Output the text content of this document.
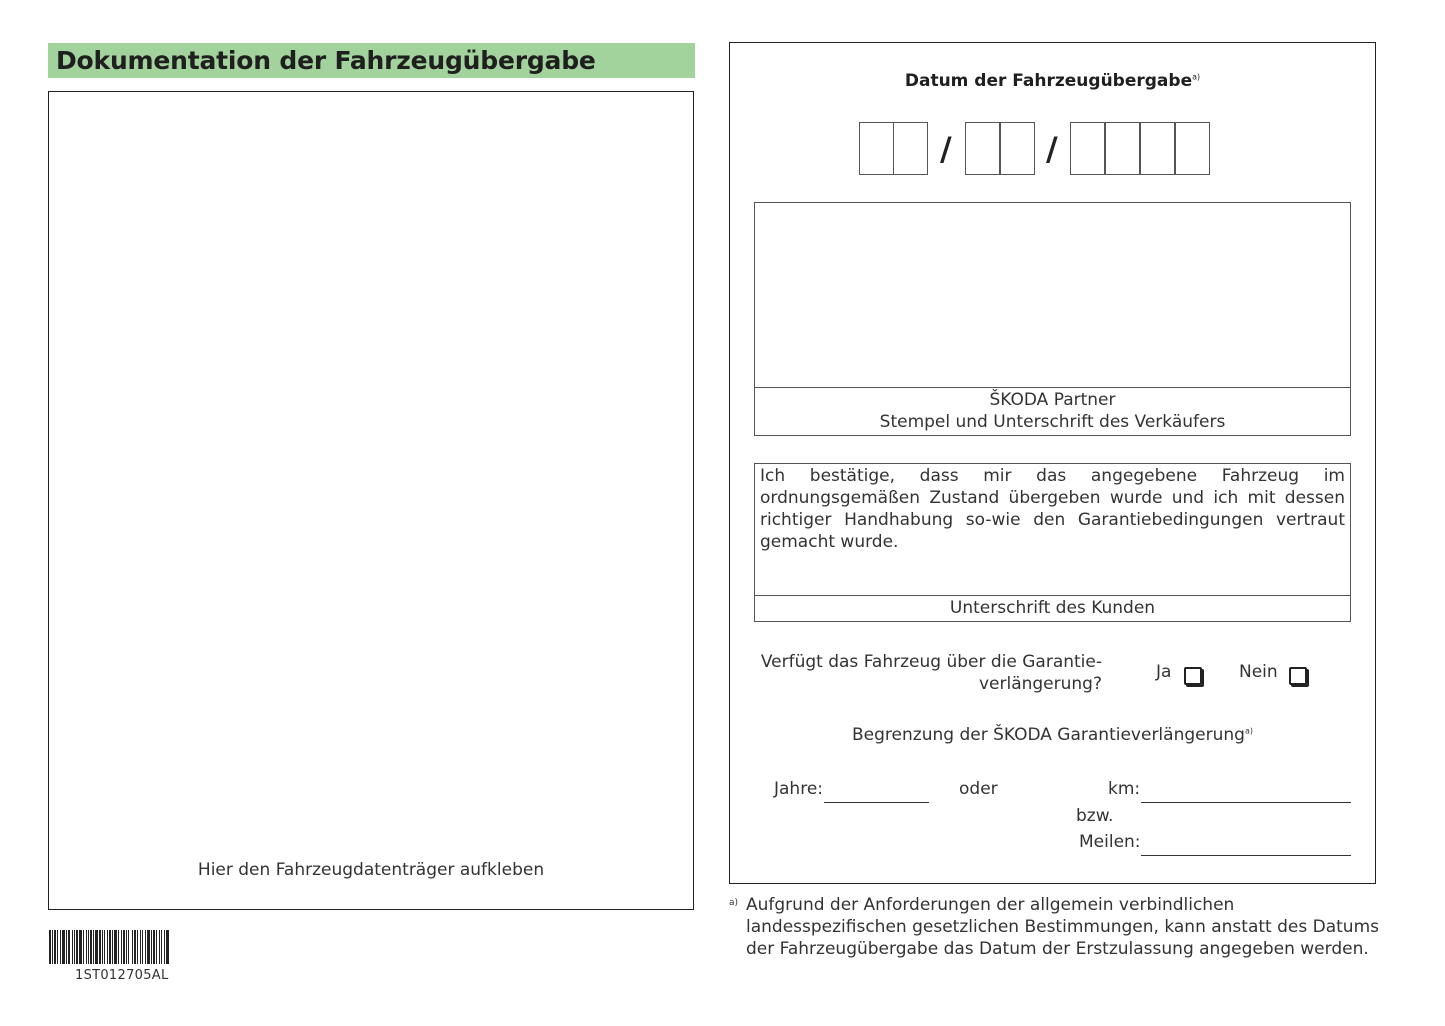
Dokumentation der Fahrzeugübergabe
Hier den Fahrzeugdatenträger aufkleben
1ST012705AL
Datum der Fahrzeugübergabe$^{a)}$
/	/
ŠKODA Partner
Stempel und Unterschrift des Verkäufers
Ich bestätige, dass mir das angegebene Fahrzeug im ordnungsgemäßen Zustand übergeben wurde und ich mit dessen richtiger Handhabung so-wie den Garantiebedingungen vertraut gemacht wurde.
Unterschrift des Kunden
Verfügt das Fahrzeug über die Garantie-
verlängerung?
Ja	Nein
Begrenzung der ŠKODA Garantieverlängerung$^{a)}$
Jahre:	oder	km:
bzw.
Meilen:
a) Aufgrund der Anforderungen der allgemein verbindlichen landesspezifischen gesetzlichen Bestimmungen, kann anstatt des Datums der Fahrzeugübergabe das Datum der Erstzulassung angegeben werden.
